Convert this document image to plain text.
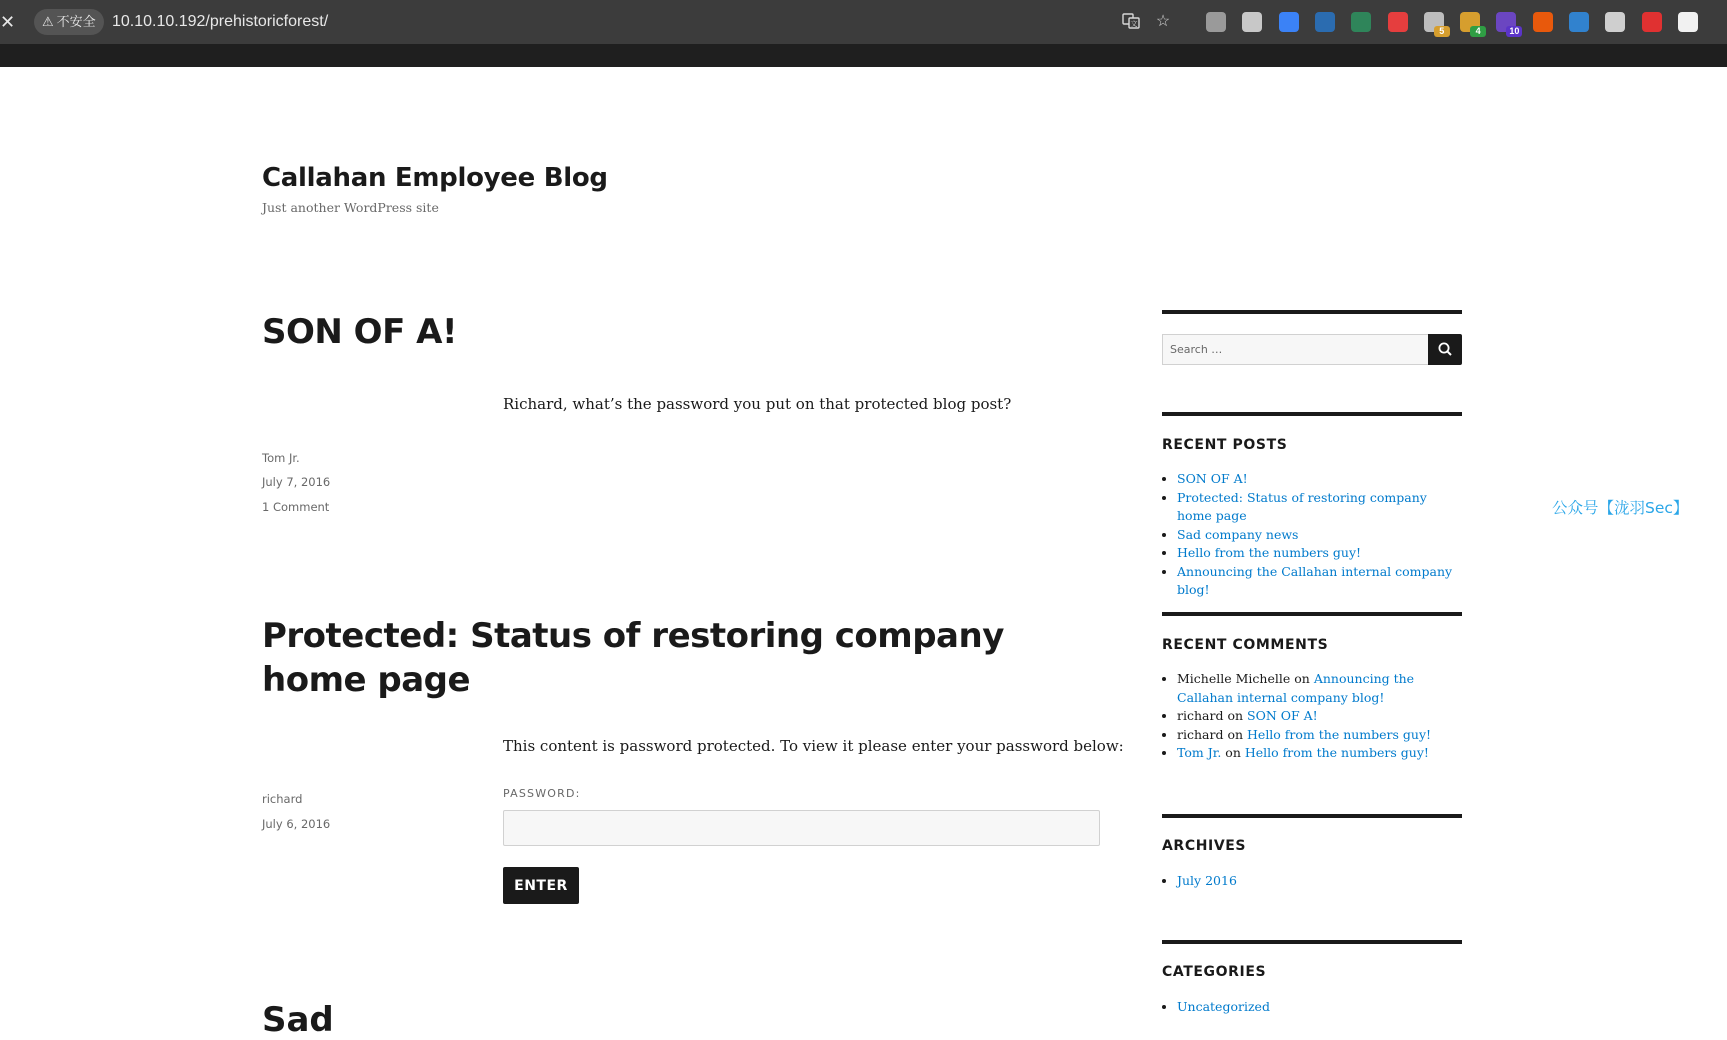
✕	⚠ 不安全	10.10.10.192/prehistoricforest/	文 ☆
5	4	10
Callahan Employee Blog

Just another WordPress site

SON OF A!

Richard, what’s the password you put on that protected blog post?

Tom Jr.

July 7, 2016

1 Comment

Protected: Status of restoring company home page

This content is password protected. To view it please enter your password below:

richard

July 6, 2016

PASSWORD:

ENTER
Sad
Search …
RECENT POSTS
• SON OF A!
• Protected: Status of restoring company home page
• Sad company news
• Hello from the numbers guy!
• Announcing the Callahan internal company blog!
RECENT COMMENTS
• Michelle Michelle on Announcing the Callahan internal company blog!
• richard on SON OF A!
• richard on Hello from the numbers guy!
• Tom Jr. on Hello from the numbers guy!
ARCHIVES
• July 2016
CATEGORIES
• Uncategorized

公众号【泷羽Sec】
